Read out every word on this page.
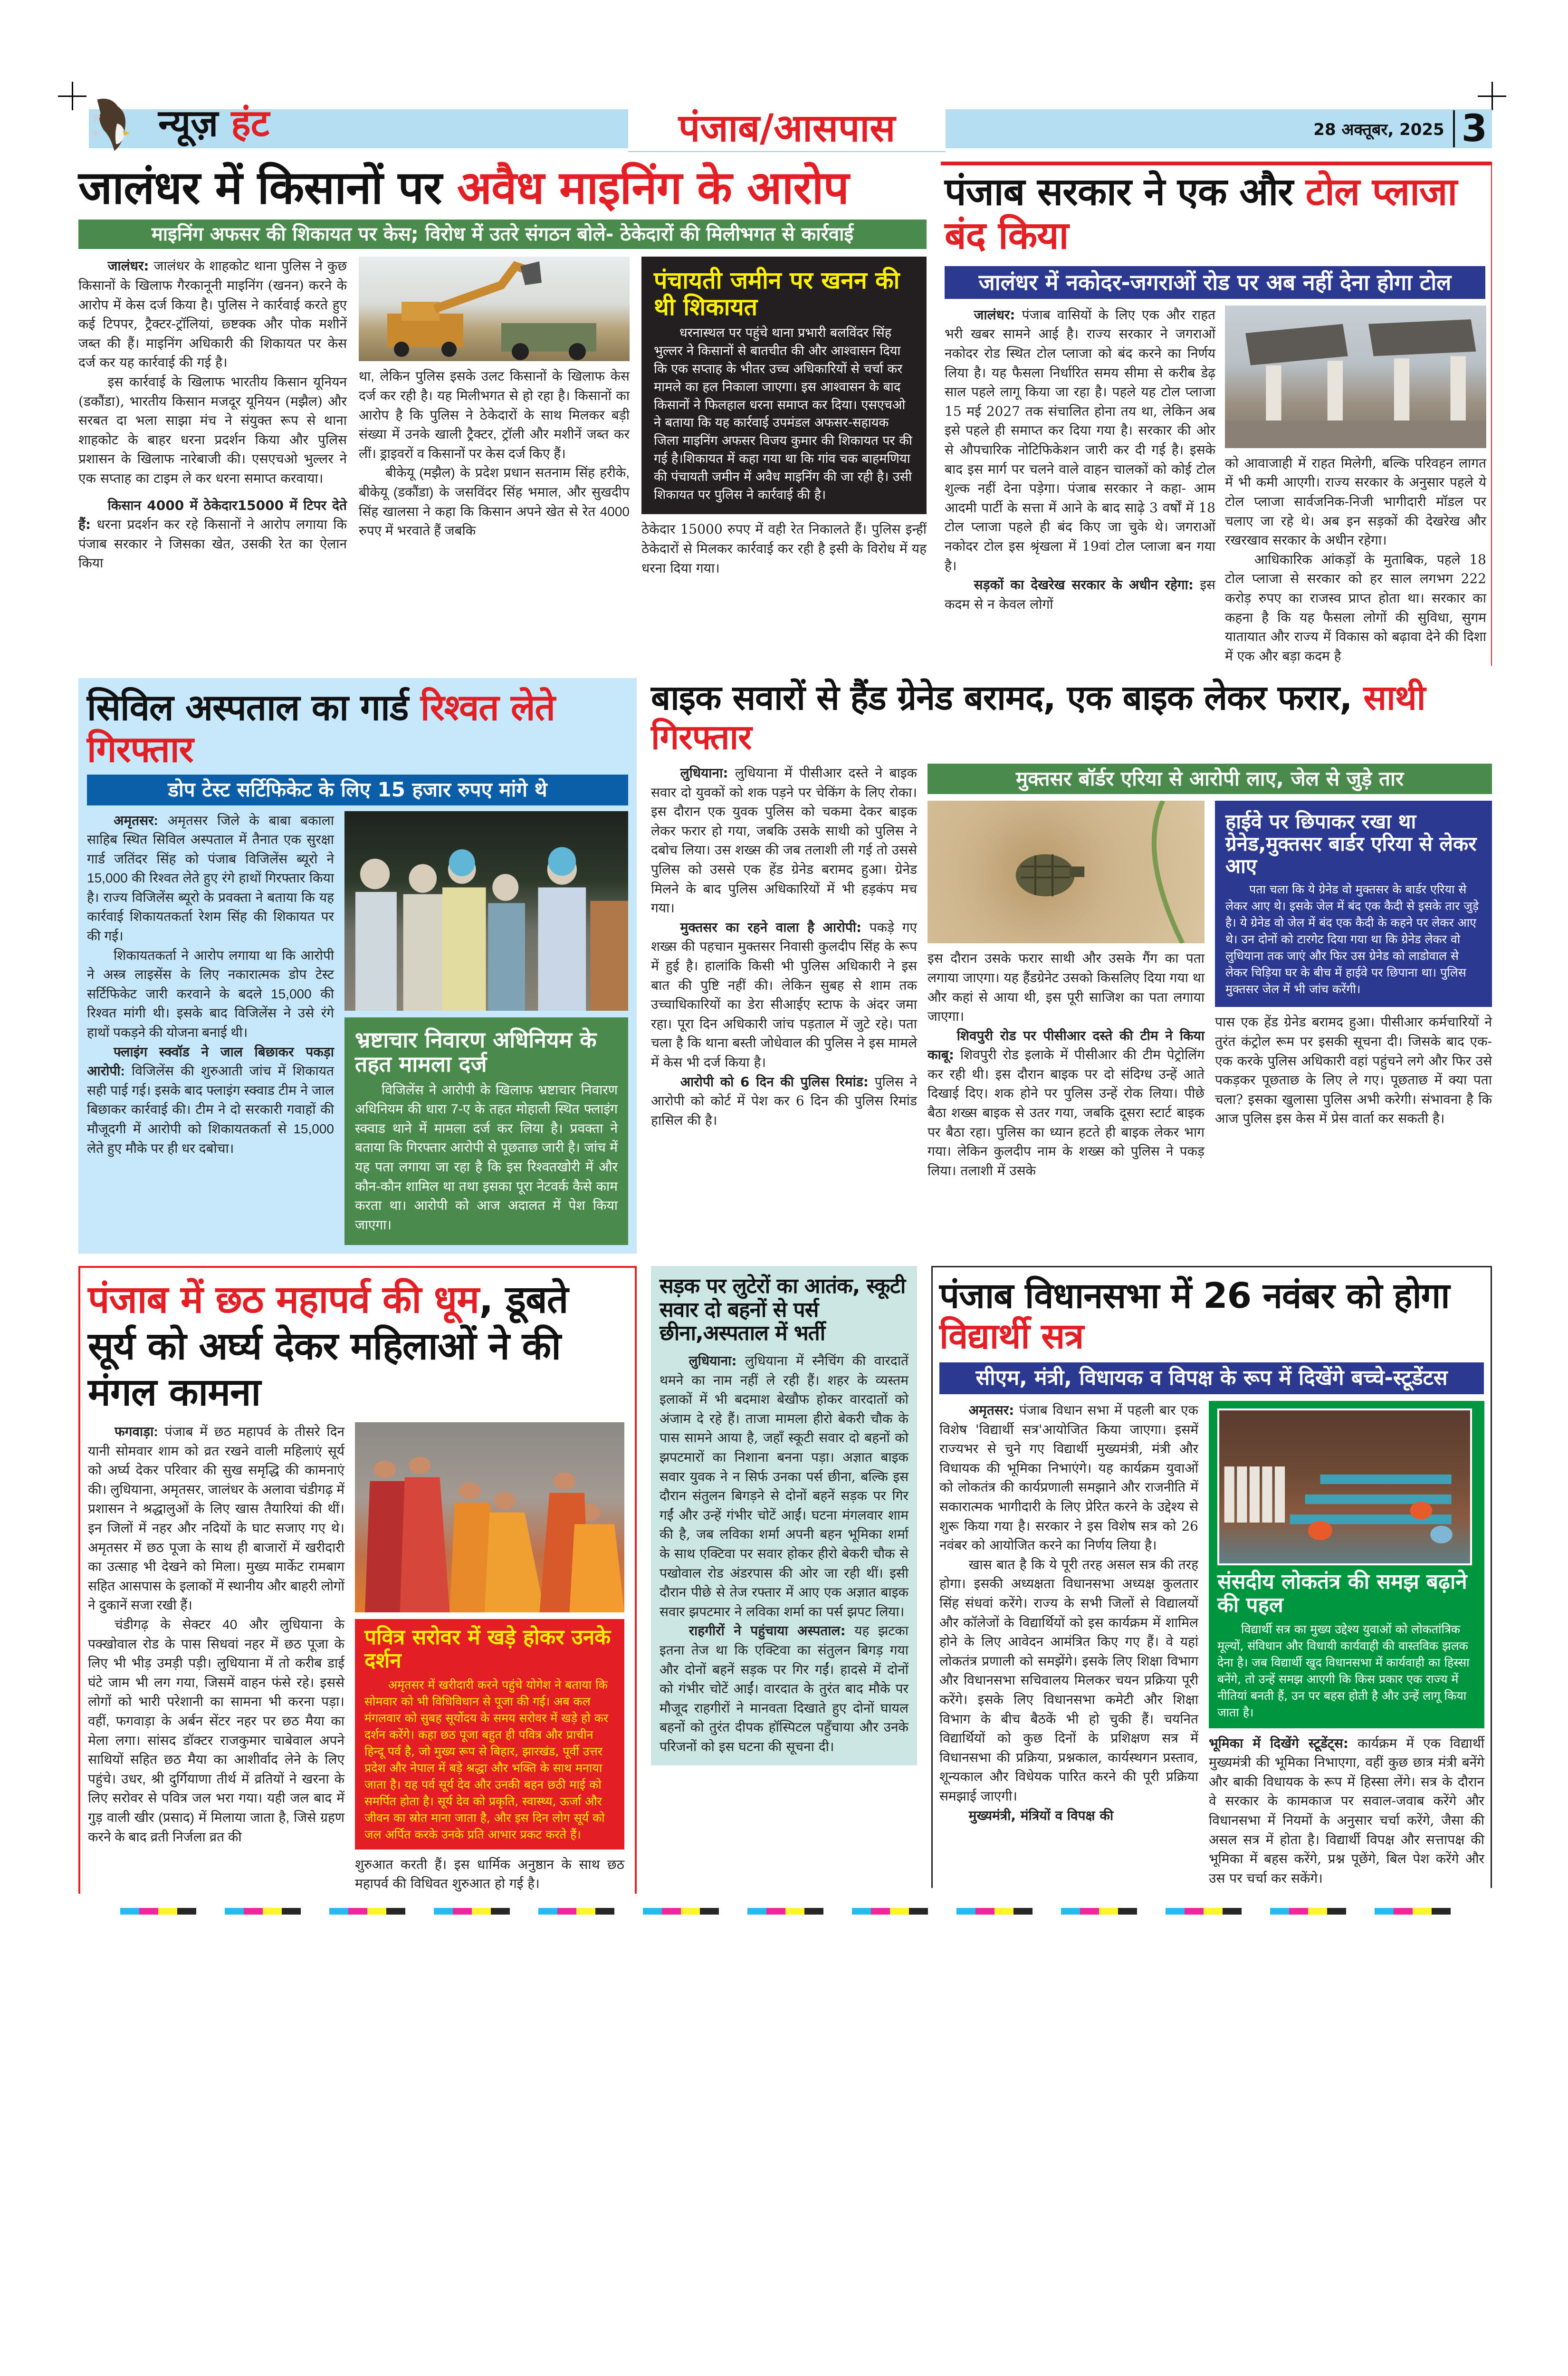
न्यूज़ हंट	पंजाब/आसपास	28 अक्तूबर, 2025 3
जालंधर में किसानों पर अवैध माइनिंग के आरोप
माइनिंग अफसर की शिकायत पर केस; विरोध में उतरे संगठन बोले- ठेकेदारों की मिलीभगत से कार्रवाई

जालंधर: जालंधर के शाहकोट थाना पुलिस ने कुछ किसानों के खिलाफ गैरकानूनी माइनिंग (खनन) करने के आरोप में केस दर्ज किया है। पुलिस ने कार्रवाई करते हुए कई टिपपर, ट्रैक्टर-ट्रॉलियां, छ्ष्टक्क और पोक मशीनें जब्त की हैं। माइनिंग अधिकारी की शिकायत पर केस दर्ज कर यह कार्रवाई की गई है।

इस कार्रवाई के खिलाफ भारतीय किसान यूनियन (डकौंडा), भारतीय किसान मजदूर यूनियन (मझैल) और सरबत दा भला साझा मंच ने संयुक्त रूप से थाना शाहकोट के बाहर धरना प्रदर्शन किया और पुलिस प्रशासन के खिलाफ नारेबाजी की। एसएचओ भुल्लर ने एक सप्ताह का टाइम ले कर धरना समाप्त करवाया।

किसान 4000 में ठेकेदार15000 में टिपर देते हैं: धरना प्रदर्शन कर रहे किसानों ने आरोप लगाया कि पंजाब सरकार ने जिसका खेत, उसकी रेत का ऐलान किया

था, लेकिन पुलिस इसके उलट किसानों के खिलाफ केस दर्ज कर रही है। यह मिलीभगत से हो रहा है। किसानों का आरोप है कि पुलिस ने ठेकेदारों के साथ मिलकर बड़ी संख्या में उनके खाली ट्रैक्टर, ट्रॉली और मशीनें जब्त कर लीं। ड्राइवरों व किसानों पर केस दर्ज किए हैं।

बीकेयू (मझैल) के प्रदेश प्रधान सतनाम सिंह हरीके, बीकेयू (डकौंडा) के जसविंदर सिंह भमाल, और सुखदीप सिंह खालसा ने कहा कि किसान अपने खेत से रेत 4000 रुपए में भरवाते हैं जबकि

पंचायती जमीन पर खनन की थी शिकायत

धरनास्थल पर पहुंचे थाना प्रभारी बलविंदर सिंह भुल्लर ने किसानों से बातचीत की और आश्वासन दिया कि एक सप्ताह के भीतर उच्च अधिकारियों से चर्चा कर मामले का हल निकाला जाएगा। इस आश्वासन के बाद किसानों ने फिलहाल धरना समाप्त कर दिया। एसएचओ ने बताया कि यह कार्रवाई उपमंडल अफसर-सहायक जिला माइनिंग अफसर विजय कुमार की शिकायत पर की गई है।शिकायत में कहा गया था कि गांव चक बाहमणिया की पंचायती जमीन में अवैध माइनिंग की जा रही है। उसी शिकायत पर पुलिस ने कार्रवाई की है।

ठेकेदार 15000 रुपए में वही रेत निकालते हैं। पुलिस इन्हीं ठेकेदारों से मिलकर कार्रवाई कर रही है इसी के विरोध में यह धरना दिया गया।

पंजाब सरकार ने एक और टोल प्लाजा बंद किया
जालंधर में नकोदर-जगराओं रोड पर अब नहीं देना होगा टोल

जालंधर: पंजाब वासियों के लिए एक और राहत भरी खबर सामने आई है। राज्य सरकार ने जगराओं नकोदर रोड स्थित टोल प्लाजा को बंद करने का निर्णय लिया है। यह फैसला निर्धारित समय सीमा से करीब डेढ़ साल पहले लागू किया जा रहा है। पहले यह टोल प्लाजा 15 मई 2027 तक संचालित होना तय था, लेकिन अब इसे पहले ही समाप्त कर दिया गया है। सरकार की ओर से औपचारिक नोटिफिकेशन जारी कर दी गई है। इसके बाद इस मार्ग पर चलने वाले वाहन चालकों को कोई टोल शुल्क नहीं देना पड़ेगा। पंजाब सरकार ने कहा- आम आदमी पार्टी के सत्ता में आने के बाद साढ़े 3 वर्षों में 18 टोल प्लाजा पहले ही बंद किए जा चुके थे। जगराओं नकोदर टोल इस श्रृंखला में 19वां टोल प्लाजा बन गया है।

सड़कों का देखरेख सरकार के अधीन रहेगा: इस कदम से न केवल लोगों

को आवाजाही में राहत मिलेगी, बल्कि परिवहन लागत में भी कमी आएगी। राज्य सरकार के अनुसार पहले ये टोल प्लाजा सार्वजनिक-निजी भागीदारी मॉडल पर चलाए जा रहे थे। अब इन सड़कों की देखरेख और रखरखाव सरकार के अधीन रहेगा।

आधिकारिक आंकड़ों के मुताबिक, पहले 18 टोल प्लाजा से सरकार को हर साल लगभग 222 करोड़ रुपए का राजस्व प्राप्त होता था। सरकार का कहना है कि यह फैसला लोगों की सुविधा, सुगम यातायात और राज्य में विकास को बढ़ावा देने की दिशा में एक और बड़ा कदम है

सिविल अस्पताल का गार्ड रिश्वत लेते गिरफ्तार
डोप टेस्ट सर्टिफिकेट के लिए 15 हजार रुपए मांगे थे

अमृतसर: अमृतसर जिले के बाबा बकाला साहिब स्थित सिविल अस्पताल में तैनात एक सुरक्षा गार्ड जतिंदर सिंह को पंजाब विजिलेंस ब्यूरो ने 15,000 की रिश्वत लेते हुए रंगे हाथों गिरफ्तार किया है। राज्य विजिलेंस ब्यूरो के प्रवक्ता ने बताया कि यह कार्रवाई शिकायतकर्ता रेशम सिंह की शिकायत पर की गई।

शिकायतकर्ता ने आरोप लगाया था कि आरोपी ने अस्त्र लाइसेंस के लिए नकारात्मक डोप टेस्ट सर्टिफिकेट जारी करवाने के बदले 15,000 की रिश्वत मांगी थी। इसके बाद विजिलेंस ने उसे रंगे हाथों पकड़ने की योजना बनाई थी।

फ्लाइंग स्क्वॉड ने जाल बिछाकर पकड़ा आरोपी: विजिलेंस की शुरुआती जांच में शिकायत सही पाई गई। इसके बाद फ्लाइंग स्क्वाड टीम ने जाल बिछाकर कार्रवाई की। टीम ने दो सरकारी गवाहों की मौजूदगी में आरोपी को शिकायतकर्ता से 15,000 लेते हुए मौके पर ही धर दबोचा।

भ्रष्टाचार निवारण अधिनियम के तहत मामला दर्ज

विजिलेंस ने आरोपी के खिलाफ भ्रष्टाचार निवारण अधिनियम की धारा 7-ए के तहत मोहाली स्थित फ्लाइंग स्क्वाड थाने में मामला दर्ज कर लिया है। प्रवक्ता ने बताया कि गिरफ्तार आरोपी से पूछताछ जारी है। जांच में यह पता लगाया जा रहा है कि इस रिश्वतखोरी में और कौन-कौन शामिल था तथा इसका पूरा नेटवर्क कैसे काम करता था। आरोपी को आज अदालत में पेश किया जाएगा।

बाइक सवारों से हैंड ग्रेनेड बरामद, एक बाइक लेकर फरार, साथी गिरफ्तार

लुधियाना: लुधियाना में पीसीआर दस्ते ने बाइक सवार दो युवकों को शक पड़ने पर चेकिंग के लिए रोका। इस दौरान एक युवक पुलिस को चकमा देकर बाइक लेकर फरार हो गया, जबकि उसके साथी को पुलिस ने दबोच लिया। उस शख्स की जब तलाशी ली गई तो उससे पुलिस को उससे एक हेंड ग्रेनेड बरामद हुआ। ग्रेनेड मिलने के बाद पुलिस अधिकारियों में भी हड़कंप मच गया।

मुक्तसर का रहने वाला है आरोपी: पकड़े गए शख्स की पहचान मुक्तसर निवासी कुलदीप सिंह के रूप में हुई है। हालांकि किसी भी पुलिस अधिकारी ने इस बात की पुष्टि नहीं की। लेकिन सुबह से शाम तक उच्चाधिकारियों का डेरा सीआईए स्टाफ के अंदर जमा रहा। पूरा दिन अधिकारी जांच पड़ताल में जुटे रहे। पता चला है कि थाना बस्ती जोधेवाल की पुलिस ने इस मामले में केस भी दर्ज किया है।

आरोपी को 6 दिन की पुलिस रिमांड: पुलिस ने आरोपी को कोर्ट में पेश कर 6 दिन की पुलिस रिमांड हासिल की है।

मुक्तसर बॉर्डर एरिया से आरोपी लाए, जेल से जुड़े तार

इस दौरान उसके फरार साथी और उसके गैंग का पता लगाया जाएगा। यह हैंडग्रेनेट उसको किसलिए दिया गया था और कहां से आया थी, इस पूरी साजिश का पता लगाया जाएगा।

शिवपुरी रोड पर पीसीआर दस्ते की टीम ने किया काबू: शिवपुरी रोड इलाके में पीसीआर की टीम पेट्रोलिंग कर रही थी। इस दौरान बाइक पर दो संदिग्ध उन्हें आते दिखाई दिए। शक होने पर पुलिस उन्हें रोक लिया। पीछे बैठा शख्स बाइक से उतर गया, जबकि दूसरा स्टार्ट बाइक पर बैठा रहा। पुलिस का ध्यान हटते ही बाइक लेकर भाग गया। लेकिन कुलदीप नाम के शख्स को पुलिस ने पकड़ लिया। तलाशी में उसके

हाईवे पर छिपाकर रखा था ग्रेनेड,मुक्तसर बार्डर एरिया से लेकर आए

पता चला कि ये ग्रेनेड वो मुक्तसर के बार्डर एरिया से लेकर आए थे। इसके जेल में बंद एक कैदी से इसके तार जुड़े है। ये ग्रेनेड वो जेल में बंद एक कैदी के कहने पर लेकर आए थे। उन दोनों को टारगेट दिया गया था कि ग्रेनेड लेकर वो लुधियाना तक जाएं और फिर उस ग्रेनेड को लाडोवाल से लेकर चिड़िया घर के बीच में हाईवे पर छिपाना था। पुलिस मुक्तसर जेल में भी जांच करेंगी।

पास एक हेंड ग्रेनेड बरामद हुआ। पीसीआर कर्मचारियों ने तुरंत कंट्रोल रूम पर इसकी सूचना दी। जिसके बाद एक-एक करके पुलिस अधिकारी वहां पहुंचने लगे और फिर उसे पकड़कर पूछताछ के लिए ले गए। पूछताछ में क्या पता चला? इसका खुलासा पुलिस अभी करेगी। संभावना है कि आज पुलिस इस केस में प्रेस वार्ता कर सकती है।

पंजाब में छठ महापर्व की धूम, डूबते सूर्य को अर्घ्य देकर महिलाओं ने की मंगल कामना

फगवाड़ा: पंजाब में छठ महापर्व के तीसरे दिन यानी सोमवार शाम को व्रत रखने वाली महिलाएं सूर्य को अर्घ्य देकर परिवार की सुख समृद्धि की कामनाएं की। लुधियाना, अमृतसर, जालंधर के अलावा चंडीगढ़ में प्रशासन ने श्रद्धालुओं के लिए खास तैयारियां की थीं। इन जिलों में नहर और नदियों के घाट सजाए गए थे। अमृतसर में छठ पूजा के साथ ही बाजारों में खरीदारी का उत्साह भी देखने को मिला। मुख्य मार्केट रामबाग सहित आसपास के इलाकों में स्थानीय और बाहरी लोगों ने दुकानें सजा रखी हैं।

चंडीगढ़ के सेक्टर 40 और लुधियाना के पक्खोवाल रोड के पास सिधवां नहर में छठ पूजा के लिए भी भीड़ उमड़ी पड़ी। लुधियाना में तो करीब डाई घंटे जाम भी लग गया, जिसमें वाहन फंसे रहे। इससे लोगों को भारी परेशानी का सामना भी करना पड़ा। वहीं, फगवाड़ा के अर्बन सेंटर नहर पर छठ मैया का मेला लगा। सांसद डॉक्टर राजकुमार चाबेवाल अपने साथियों सहित छठ मैया का आशीर्वाद लेने के लिए पहुंचे। उधर, श्री दुर्गियाणा तीर्थ में व्रतियों ने खरना के लिए सरोवर से पवित्र जल भरा गया। यही जल बाद में गुड़ वाली खीर (प्रसाद) में मिलाया जाता है, जिसे ग्रहण करने के बाद व्रती निर्जला व्रत की

पवित्र सरोवर में खड़े होकर उनके दर्शन

अमृतसर में खरीदारी करने पहुंचे योगेश ने बताया कि सोमवार को भी विधिविधान से पूजा की गई। अब कल मंगलवार को सुबह सूर्योदय के समय सरोवर में खड़े हो कर दर्शन करेंगे। कहा छठ पूजा बहुत ही पवित्र और प्राचीन हिन्दू पर्व है, जो मुख्य रूप से बिहार, झारखंड, पूर्वी उत्तर प्रदेश और नेपाल में बड़े श्रद्धा और भक्ति के साथ मनाया जाता है। यह पर्व सूर्य देव और उनकी बहन छठी माई को समर्पित होता है। सूर्य देव को प्रकृति, स्वास्थ्य, ऊर्जा और जीवन का स्रोत माना जाता है, और इस दिन लोग सूर्य को जल अर्पित करके उनके प्रति आभार प्रकट करते हैं।

शुरुआत करती हैं। इस धार्मिक अनुष्ठान के साथ छठ महापर्व की विधिवत शुरुआत हो गई है।

सड़क पर लुटेरों का आतंक, स्कूटी सवार दो बहनों से पर्स छीना,अस्पताल में भर्ती

लुधियाना: लुधियाना में स्नैचिंग की वारदातें थमने का नाम नहीं ले रही हैं। शहर के व्यस्तम इलाकों में भी बदमाश बेखौफ होकर वारदातों को अंजाम दे रहे हैं। ताजा मामला हीरो बेकरी चौक के पास सामने आया है, जहाँ स्कूटी सवार दो बहनों को झपटमारों का निशाना बनना पड़ा। अज्ञात बाइक सवार युवक ने न सिर्फ उनका पर्स छीना, बल्कि इस दौरान संतुलन बिगड़ने से दोनों बहनें सड़क पर गिर गईं और उन्हें गंभीर चोटें आईं। घटना मंगलवार शाम की है, जब लविका शर्मा अपनी बहन भूमिका शर्मा के साथ एक्टिवा पर सवार होकर हीरो बेकरी चौक से पखोवाल रोड अंडरपास की ओर जा रही थीं। इसी दौरान पीछे से तेज रफ्तार में आए एक अज्ञात बाइक सवार झपटमार ने लविका शर्मा का पर्स झपट लिया।

राहगीरों ने पहुंचाया अस्पताल: यह झटका इतना तेज था कि एक्टिवा का संतुलन बिगड़ गया और दोनों बहनें सड़क पर गिर गईं। हादसे में दोनों को गंभीर चोटें आईं। वारदात के तुरंत बाद मौके पर मौजूद राहगीरों ने मानवता दिखाते हुए दोनों घायल बहनों को तुरंत दीपक हॉस्पिटल पहुँचाया और उनके परिजनों को इस घटना की सूचना दी।

पंजाब विधानसभा में 26 नवंबर को होगा विद्यार्थी सत्र
सीएम, मंत्री, विधायक व विपक्ष के रूप में दिखेंगे बच्चे-स्टूडेंटस

अमृतसर: पंजाब विधान सभा में पहली बार एक विशेष 'विद्यार्थी सत्र'आयोजित किया जाएगा। इसमें राज्यभर से चुने गए विद्यार्थी मुख्यमंत्री, मंत्री और विधायक की भूमिका निभाएंगे। यह कार्यक्रम युवाओं को लोकतंत्र की कार्यप्रणाली समझाने और राजनीति में सकारात्मक भागीदारी के लिए प्रेरित करने के उद्देश्य से शुरू किया गया है। सरकार ने इस विशेष सत्र को 26 नवंबर को आयोजित करने का निर्णय लिया है।

खास बात है कि ये पूरी तरह असल सत्र की तरह होगा। इसकी अध्यक्षता विधानसभा अध्यक्ष कुलतार सिंह संधवां करेंगे। राज्य के सभी जिलों से विद्यालयों और कॉलेजों के विद्यार्थियों को इस कार्यक्रम में शामिल होने के लिए आवेदन आमंत्रित किए गए हैं। वे यहां लोकतंत्र प्रणाली को समझेंगे। इसके लिए शिक्षा विभाग और विधानसभा सचिवालय मिलकर चयन प्रक्रिया पूरी करेंगे। इसके लिए विधानसभा कमेटी और शिक्षा विभाग के बीच बैठकें भी हो चुकी हैं। चयनित विद्यार्थियों को कुछ दिनों के प्रशिक्षण सत्र में विधानसभा की प्रक्रिया, प्रश्नकाल, कार्यस्थगन प्रस्ताव, शून्यकाल और विधेयक पारित करने की पूरी प्रक्रिया समझाई जाएगी।

मुख्यमंत्री, मंत्रियों व विपक्ष की

संसदीय लोकतंत्र की समझ बढ़ाने की पहल

विद्यार्थी सत्र का मुख्य उद्देश्य युवाओं को लोकतांत्रिक मूल्यों, संविधान और विधायी कार्यवाही की वास्तविक झलक देना है। जब विद्यार्थी खुद विधानसभा में कार्यवाही का हिस्सा बनेंगे, तो उन्हें समझ आएगी कि किस प्रकार एक राज्य में नीतियां बनती हैं, उन पर बहस होती है और उन्हें लागू किया जाता है।

भूमिका में दिखेंगे स्टूडेंट्स: कार्यक्रम में एक विद्यार्थी मुख्यमंत्री की भूमिका निभाएगा, वहीं कुछ छात्र मंत्री बनेंगे और बाकी विधायक के रूप में हिस्सा लेंगे। सत्र के दौरान वे सरकार के कामकाज पर सवाल-जवाब करेंगे और विधानसभा में नियमों के अनुसार चर्चा करेंगे, जैसा की असल सत्र में होता है। विद्यार्थी विपक्ष और सत्तापक्ष की भूमिका में बहस करेंगे, प्रश्न पूछेंगे, बिल पेश करेंगे और उस पर चर्चा कर सकेंगे।
